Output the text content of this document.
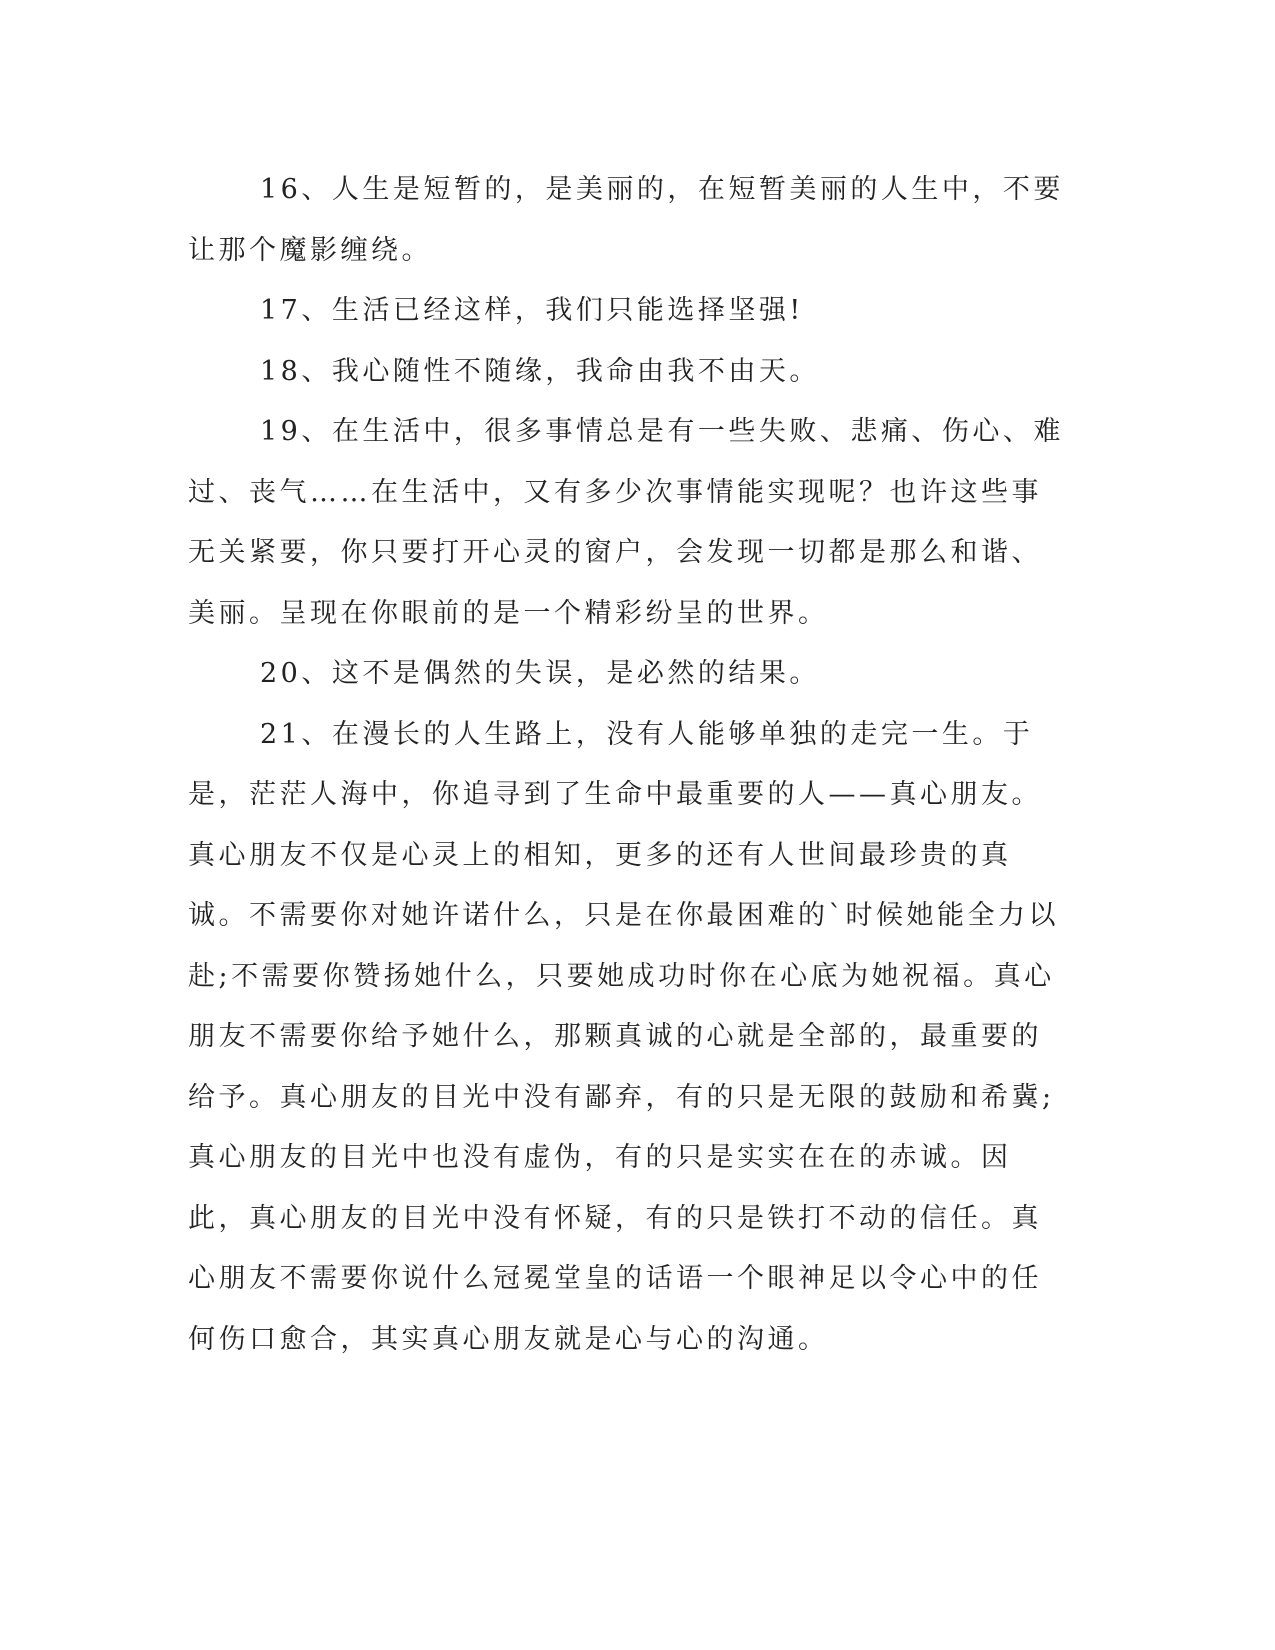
16、人生是短暂的，是美丽的，在短暂美丽的人生中，不要让那个魔影缠绕。

17、生活已经这样，我们只能选择坚强!

18、我心随性不随缘，我命由我不由天。

19、在生活中，很多事情总是有一些失败、悲痛、伤心、难过、丧气……在生活中，又有多少次事情能实现呢？也许这些事无关紧要，你只要打开心灵的窗户，会发现一切都是那么和谐、美丽。呈现在你眼前的是一个精彩纷呈的世界。

20、这不是偶然的失误，是必然的结果。

21、在漫长的人生路上，没有人能够单独的走完一生。于是，茫茫人海中，你追寻到了生命中最重要的人——真心朋友。真心朋友不仅是心灵上的相知，更多的还有人世间最珍贵的真诚。不需要你对她许诺什么，只是在你最困难的`时候她能全力以赴;不需要你赞扬她什么，只要她成功时你在心底为她祝福。真心朋友不需要你给予她什么，那颗真诚的心就是全部的，最重要的给予。真心朋友的目光中没有鄙弃，有的只是无限的鼓励和希冀;真心朋友的目光中也没有虚伪，有的只是实实在在的赤诚。因此，真心朋友的目光中没有怀疑，有的只是铁打不动的信任。真心朋友不需要你说什么冠冕堂皇的话语一个眼神足以令心中的任何伤口愈合，其实真心朋友就是心与心的沟通。
